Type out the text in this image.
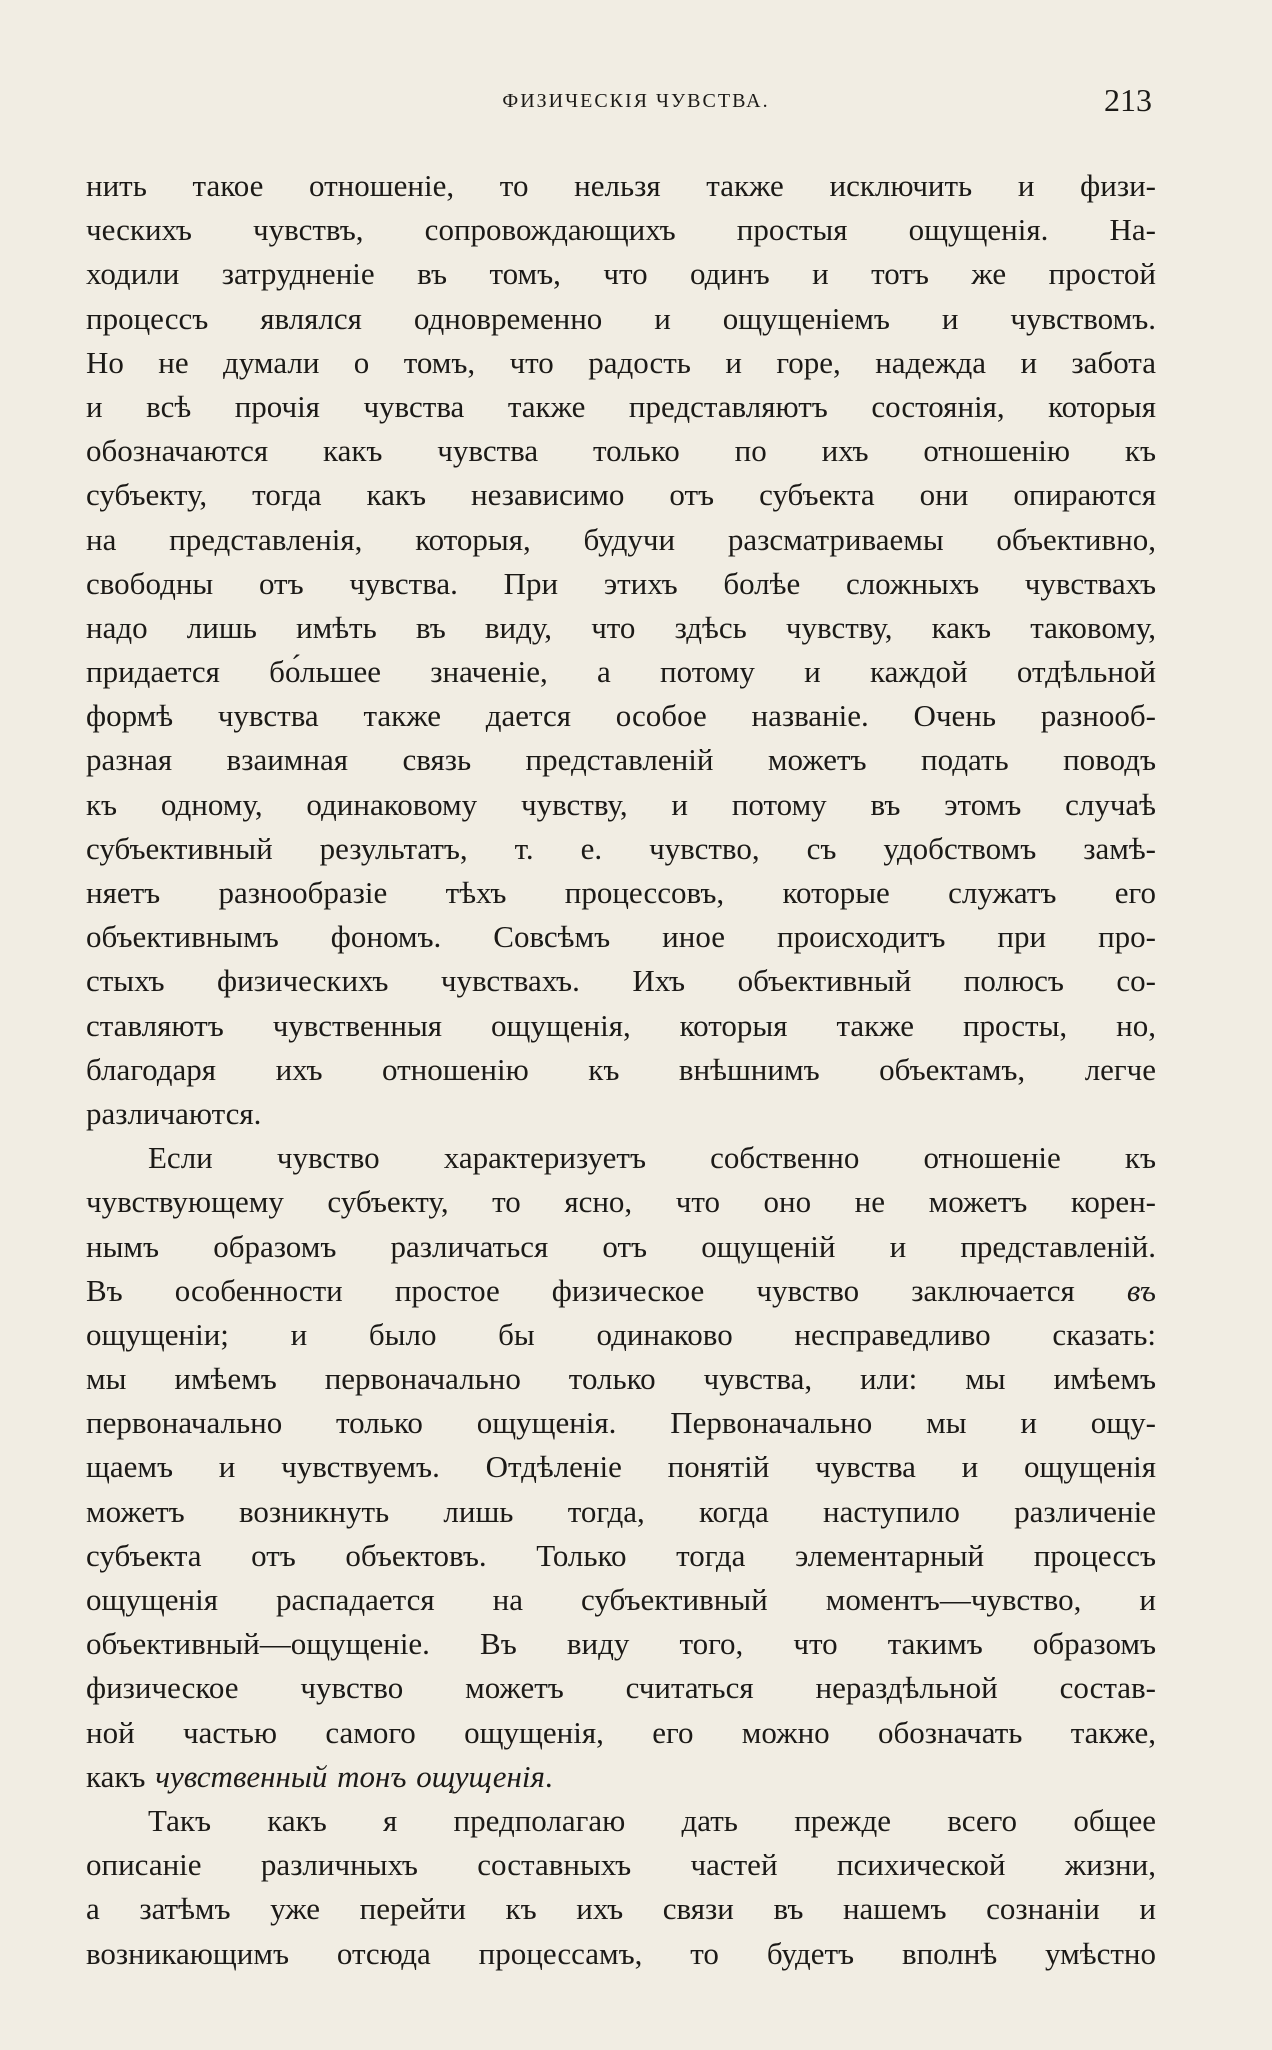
ФИЗИЧЕСКІЯ ЧУВСТВА.	213
нить такое отношеніе, то нельзя также исключить и физи-
ческихъ чувствъ, сопровождающихъ простыя ощущенія. На-
ходили затрудненіе въ томъ, что одинъ и тотъ же простой
процессъ являлся одновременно и ощущеніемъ и чувствомъ.
Но не думали о томъ, что радость и горе, надежда и забота
и всѣ прочія чувства также представляютъ состоянія, которыя
обозначаются какъ чувства только по ихъ отношенію къ
субъекту, тогда какъ независимо отъ субъекта они опираются
на представленія, которыя, будучи разсматриваемы объективно,
свободны отъ чувства. При этихъ болѣе сложныхъ чувствахъ
надо лишь имѣть въ виду, что здѣсь чувству, какъ таковому,
придается бо́льшее значеніе, а потому и каждой отдѣльной
формѣ чувства также дается особое названіе. Очень разнооб-
разная взаимная связь представленій можетъ подать поводъ
къ одному, одинаковому чувству, и потому въ этомъ случаѣ
субъективный результатъ, т. е. чувство, съ удобствомъ замѣ-
няетъ разнообразіе тѣхъ процессовъ, которые служатъ его
объективнымъ фономъ. Совсѣмъ иное происходитъ при про-
стыхъ физическихъ чувствахъ. Ихъ объективный полюсъ со-
ставляютъ чувственныя ощущенія, которыя также просты, но,
благодаря ихъ отношенію къ внѣшнимъ объектамъ, легче
различаются.
Если чувство характеризуетъ собственно отношеніе къ
чувствующему субъекту, то ясно, что оно не можетъ корен-
нымъ образомъ различаться отъ ощущеній и представленій.
Въ особенности простое физическое чувство заключается въ
ощущеніи; и было бы одинаково несправедливо сказать:
мы имѣемъ первоначально только чувства, или: мы имѣемъ
первоначально только ощущенія. Первоначально мы и ощу-
щаемъ и чувствуемъ. Отдѣленіе понятій чувства и ощущенія
можетъ возникнуть лишь тогда, когда наступило различеніе
субъекта отъ объектовъ. Только тогда элементарный процессъ
ощущенія распадается на субъективный моментъ—чувство, и
объективный—ощущеніе. Въ виду того, что такимъ образомъ
физическое чувство можетъ считаться нераздѣльной состав-
ной частью самого ощущенія, его можно обозначать также,
какъ чувственный тонъ ощущенія.
Такъ какъ я предполагаю дать прежде всего общее
описаніе различныхъ составныхъ частей психической жизни,
а затѣмъ уже перейти къ ихъ связи въ нашемъ сознаніи и
возникающимъ отсюда процессамъ, то будетъ вполнѣ умѣстно
